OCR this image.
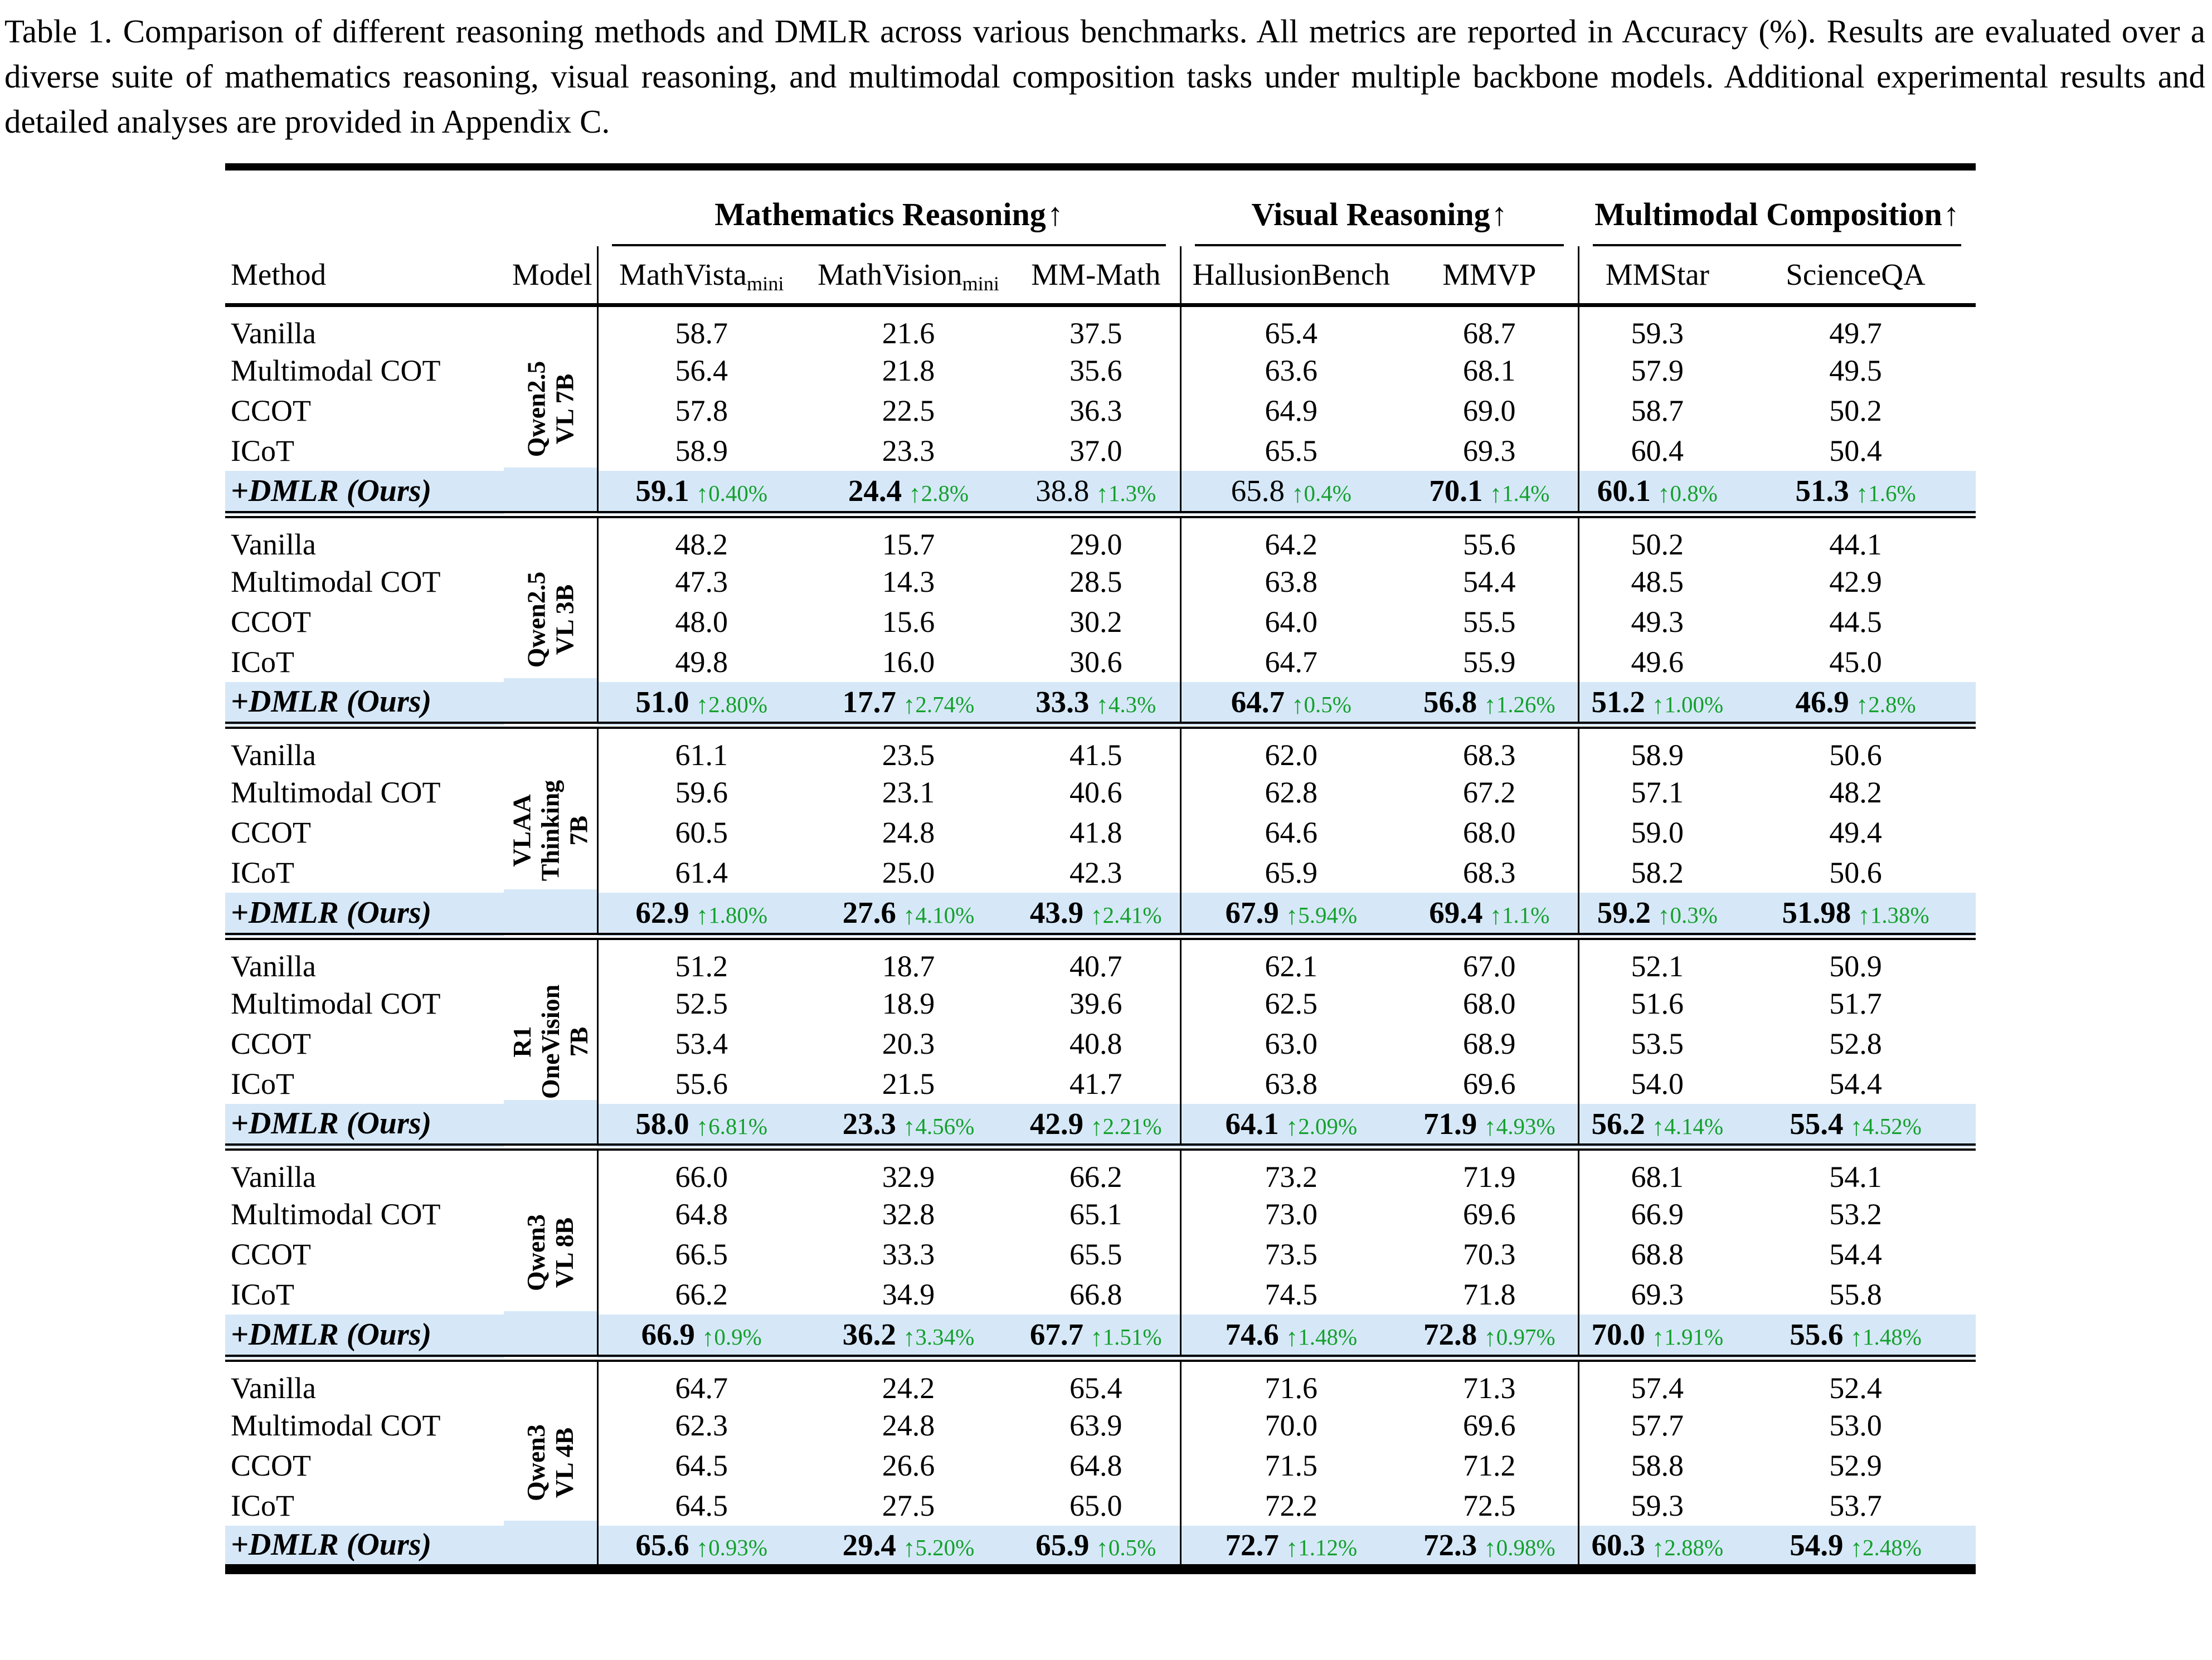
Table 1. Comparison of different reasoning methods and DMLR across various benchmarks. All metrics are reported in Accuracy (%). Results are evaluated over a diverse suite of mathematics reasoning, visual reasoning, and multimodal composition tasks under multiple backbone models. Additional experimental results and detailed analyses are provided in Appendix C.

		Mathematics Reasoning↑			Visual Reasoning↑		Multimodal Composition↑	

Method	Model	MathVista$_{mini}$	MathVision$_{mini}$	MM-Math	HallusionBench	MMVP	MMStar	ScienceQA
Vanilla	Qwen2.5 VL 7B	58.7	21.6	37.5	65.4	68.7	59.3	49.7
Multimodal COT		56.4	21.8	35.6	63.6	68.1	57.9	49.5
CCOT		57.8	22.5	36.3	64.9	69.0	58.7	50.2
ICoT		58.9	23.3	37.0	65.5	69.3	60.4	50.4
+DMLR (Ours)		59.1 ↑0.40%	24.4 ↑2.8%	38.8 ↑1.3%	65.8 ↑0.4%	70.1 ↑1.4%	60.1 ↑0.8%	51.3 ↑1.6%
Vanilla	Qwen2.5 VL 3B	48.2	15.7	29.0	64.2	55.6	50.2	44.1
Multimodal COT		47.3	14.3	28.5	63.8	54.4	48.5	42.9
CCOT		48.0	15.6	30.2	64.0	55.5	49.3	44.5
ICoT		49.8	16.0	30.6	64.7	55.9	49.6	45.0
+DMLR (Ours)		51.0 ↑2.80%	17.7 ↑2.74%	33.3 ↑4.3%	64.7 ↑0.5%	56.8 ↑1.26%	51.2 ↑1.00%	46.9 ↑2.8%
Vanilla	VLAA Thinking 7B	61.1	23.5	41.5	62.0	68.3	58.9	50.6
Multimodal COT		59.6	23.1	40.6	62.8	67.2	57.1	48.2
CCOT		60.5	24.8	41.8	64.6	68.0	59.0	49.4
ICoT		61.4	25.0	42.3	65.9	68.3	58.2	50.6
+DMLR (Ours)		62.9 ↑1.80%	27.6 ↑4.10%	43.9 ↑2.41%	67.9 ↑5.94%	69.4 ↑1.1%	59.2 ↑0.3%	51.98 ↑1.38%
Vanilla	R1 OneVision 7B	51.2	18.7	40.7	62.1	67.0	52.1	50.9
Multimodal COT		52.5	18.9	39.6	62.5	68.0	51.6	51.7
CCOT		53.4	20.3	40.8	63.0	68.9	53.5	52.8
ICoT		55.6	21.5	41.7	63.8	69.6	54.0	54.4
+DMLR (Ours)		58.0 ↑6.81%	23.3 ↑4.56%	42.9 ↑2.21%	64.1 ↑2.09%	71.9 ↑4.93%	56.2 ↑4.14%	55.4 ↑4.52%
Vanilla	Qwen3 VL 8B	66.0	32.9	66.2	73.2	71.9	68.1	54.1
Multimodal COT		64.8	32.8	65.1	73.0	69.6	66.9	53.2
CCOT		66.5	33.3	65.5	73.5	70.3	68.8	54.4
ICoT		66.2	34.9	66.8	74.5	71.8	69.3	55.8
+DMLR (Ours)		66.9 ↑0.9%	36.2 ↑3.34%	67.7 ↑1.51%	74.6 ↑1.48%	72.8 ↑0.97%	70.0 ↑1.91%	55.6 ↑1.48%
Vanilla	Qwen3 VL 4B	64.7	24.2	65.4	71.6	71.3	57.4	52.4
Multimodal COT		62.3	24.8	63.9	70.0	69.6	57.7	53.0
CCOT		64.5	26.6	64.8	71.5	71.2	58.8	52.9
ICoT		64.5	27.5	65.0	72.2	72.5	59.3	53.7
+DMLR (Ours)		65.6 ↑0.93%	29.4 ↑5.20%	65.9 ↑0.5%	72.7 ↑1.12%	72.3 ↑0.98%	60.3 ↑2.88%	54.9 ↑2.48%
